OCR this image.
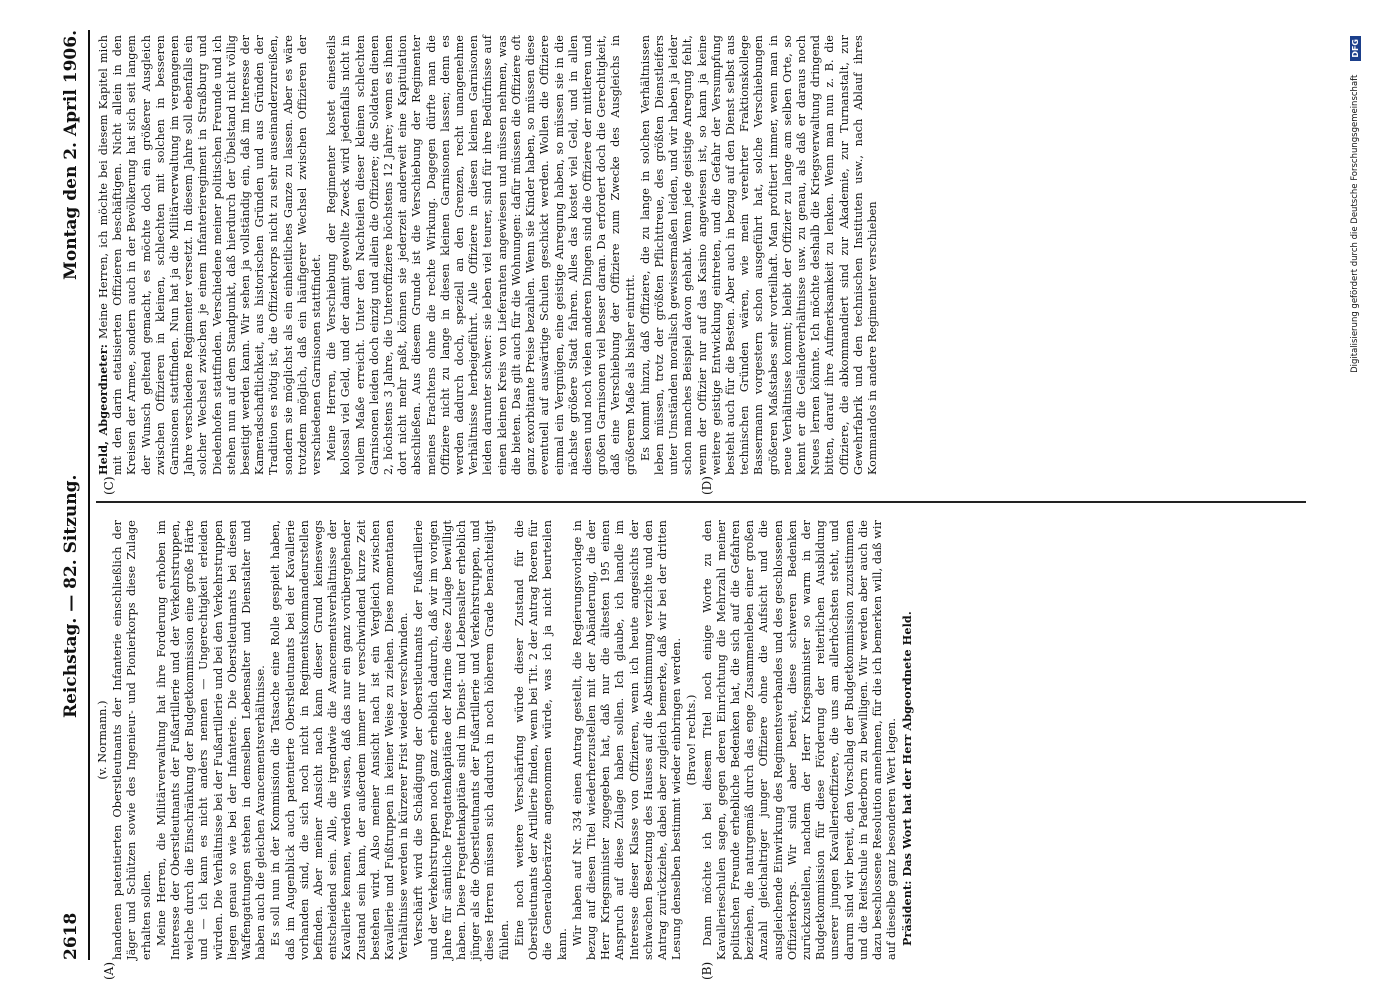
2618
Reichstag. — 82. Sitzung.
Montag den 2. April 1906.
(A)	(B)
(C)	(D)

(v. Normann.) handenen patentierten Oberstleutnants der Infanterie einschließlich der Jäger und Schützen sowie des Ingenieur- und Pionierkorps diese Zulage erhalten sollen. Meine Herren, die Militärverwaltung hat ihre Forderung erhoben im Interesse der Oberstleutnants der Fußartillerie und der Verkehrstruppen, welche durch die Einschränkung der Budgetkommission eine große Härte und — ich kann es nicht anders nennen — Ungerechtigkeit erleiden würden. Die Verhältnisse bei der Fußartillerie und bei den Verkehrstruppen liegen genau so wie bei der Infanterie. Die Oberstleutnants bei diesen Waffengattungen stehen in demselben Lebensalter und Dienstalter und haben auch die gleichen Avancementsverhältnisse. Es soll nun in der Kommission die Tatsache eine Rolle gespielt haben, daß im Augenblick auch patentierte Oberstleutnants bei der Kavallerie vorhanden sind, die sich noch nicht in Regimentskommandeurstellen befinden. Aber meiner Ansicht nach kann dieser Grund keineswegs entscheidend sein. Alle, die irgendwie die Avancementsverhältnisse der Kavallerie kennen, werden wissen, daß das nur ein ganz vorübergehender Zustand sein kann, der außerdem immer nur verschwindend kurze Zeit bestehen wird. Also meiner Ansicht nach ist ein Vergleich zwischen Kavallerie und Fußtruppen in keiner Weise zu ziehen. Diese momentanen Verhältnisse werden in kürzerer Frist wieder verschwinden. Verschärft wird die Schädigung der Oberstleutnants der Fußartillerie und der Verkehrstruppen noch ganz erheblich dadurch, daß wir im vorigen Jahre für sämtliche Fregattenkapitäne der Marine diese Zulage bewilligt haben. Diese Fregattenkapitäne sind im Dienst- und Lebensalter erheblich jünger als die Oberstleutnants der Fußartillerie und Verkehrstruppen, und diese Herren müssen sich dadurch in noch höherem Grade benachteiligt fühlen. Eine noch weitere Verschärfung würde dieser Zustand für die Oberstleutnants der Artillerie finden, wenn bei Tit. 2 der Antrag Roeren für die Generaloberärzte angenommen würde, was ich ja nicht beurteilen kann. Wir haben auf Nr. 334 einen Antrag gestellt, die Regierungsvorlage in bezug auf diesen Titel wiederherzustellen mit der Abänderung, die der Herr Kriegsminister zugegeben hat, daß nur die ältesten 195 einen Anspruch auf diese Zulage haben sollen. Ich glaube, ich handle im Interesse dieser Klasse von Offizieren, wenn ich heute angesichts der schwachen Besetzung des Hauses auf die Abstimmung verzichte und den Antrag zurückziehe, dabei aber zugleich bemerke, daß wir bei der dritten Lesung denselben bestimmt wieder einbringen werden. (Bravo! rechts.) Dann möchte ich bei diesem Titel noch einige Worte zu den Kavallerieschulen sagen, gegen deren Einrichtung die Mehrzahl meiner politischen Freunde erhebliche Bedenken hat, die sich auf die Gefahren beziehen, die naturgemäß durch das enge Zusammenleben einer großen Anzahl gleichaltriger junger Offiziere ohne die Aufsicht und die ausgleichende Einwirkung des Regimentsverbandes und des geschlossenen Offizierkorps. Wir sind aber bereit, diese schweren Bedenken zurückzustellen, nachdem der Herr Kriegsminister so warm in der Budgetkommission für diese Förderung der reiterlichen Ausbildung unserer jungen Kavallerieoffiziere, die uns am allerhöchsten steht, und darum sind wir bereit, den Vorschlag der Budgetkommission zuzustimmen und die Reitschule in Paderborn zu bewilligen. Wir werden aber auch die dazu beschlossene Resolution annehmen, für die ich bemerken will, daß wir auf dieselbe ganz besonderen Wert legen. Präsident: Das Wort hat der Herr Abgeordnete Held.

Held, Abgeordneter: Meine Herren, ich möchte bei diesem Kapitel mich mit den darin etatisierten Offizieren beschäftigen. Nicht allein in den Kreisen der Armee, sondern auch in der Bevölkerung hat sich seit langem der Wunsch geltend gemacht, es möchte doch ein größerer Ausgleich zwischen Offizieren in kleinen, schlechten mit solchen in besseren Garnisonen stattfinden. Nun hat ja die Militärverwaltung im vergangenen Jahre verschiedene Regimenter versetzt. In diesem Jahre soll ebenfalls ein solcher Wechsel zwischen je einem Infanterieregiment in Straßburg und Diedenhofen stattfinden. Verschiedene meiner politischen Freunde und ich stehen nun auf dem Standpunkt, daß hierdurch der Übelstand nicht völlig beseitigt werden kann. Wir sehen ja vollständig ein, daß im Interesse der Kameradschaftlichkeit, aus historischen Gründen und aus Gründen der Tradition es nötig ist, die Offizierkorps nicht zu sehr auseinanderzureißen, sondern sie möglichst als ein einheitliches Ganze zu lassen. Aber es wäre trotzdem möglich, daß ein häufigerer Wechsel zwischen Offizieren der verschiedenen Garnisonen stattfindet. Meine Herren, die Verschiebung der Regimenter kostet einesteils kolossal viel Geld, und der damit gewollte Zweck wird jedenfalls nicht in vollem Maße erreicht. Unter den Nachteilen dieser kleinen schlechten Garnisonen leiden doch einzig und allein die Offiziere; die Soldaten dienen 2, höchstens 3 Jahre, die Unteroffiziere höchstens 12 Jahre; wenn es ihnen dort nicht mehr paßt, können sie jederzeit anderweit eine Kapitulation abschließen. Aus diesem Grunde ist die Verschiebung der Regimenter meines Erachtens ohne die rechte Wirkung. Dagegen dürfte man die Offiziere nicht zu lange in diesen kleinen Garnisonen lassen; denn es werden dadurch doch, speziell an den Grenzen, recht unangenehme Verhältnisse herbeigeführt. Alle Offiziere in diesen kleinen Garnisonen leiden darunter schwer: sie leben viel teurer, sind für ihre Bedürfnisse auf einen kleinen Kreis von Lieferanten angewiesen und müssen nehmen, was die bieten. Das gilt auch für die Wohnungen: dafür müssen die Offiziere oft ganz exorbitante Preise bezahlen. Wenn sie Kinder haben, so müssen diese eventuell auf auswärtige Schulen geschickt werden. Wollen die Offiziere einmal ein Vergnügen, eine geistige Anregung haben, so müssen sie in die nächste größere Stadt fahren. Alles das kostet viel Geld, und in allen diesen und noch vielen anderen Dingen sind die Offiziere der mittleren und großen Garnisonen viel besser daran. Da erfordert doch die Gerechtigkeit, daß eine Verschiebung der Offiziere zum Zwecke des Ausgleichs in größerem Maße als bisher eintritt. Es kommt hinzu, daß Offiziere, die zu lange in solchen Verhältnissen leben müssen, trotz der größten Pflichttreue, des größten Dienstleifers unter Umständen moralisch gewissermaßen leiden, und wir haben ja leider schon manches Beispiel davon gehabt. Wenn jede geistige Anregung fehlt, wenn der Offizier nur auf das Kasino angewiesen ist, so kann ja keine weitere geistige Entwicklung eintreten, und die Gefahr der Versumpfung besteht auch für die Besten. Aber auch in bezug auf den Dienst selbst aus technischen Gründen wären, wie mein verehrter Fraktionskollege Bassermann vorgestern schon ausgeführt hat, solche Verschiebungen größeren Maßstabes sehr vorteilhaft. Man profitiert immer, wenn man in neue Verhältnisse kommt; bleibt der Offizier zu lange am selben Orte, so kennt er die Geländeverhältnisse usw. zu genau, als daß er daraus noch Neues lernen könnte. Ich möchte deshalb die Kriegsverwaltung dringend bitten, darauf ihre Aufmerksamkeit zu lenken. Wenn man nun z. B. die Offiziere, die abkommandiert sind zur Akademie, zur Turnanstalt, zur Gewehrfabrik und den technischen Instituten usw., nach Ablauf ihres Kommandos in andere Regimenter verschieben	Digitalisierung gefördert durch die Deutsche Forschungsgemeinschaft
DFG
